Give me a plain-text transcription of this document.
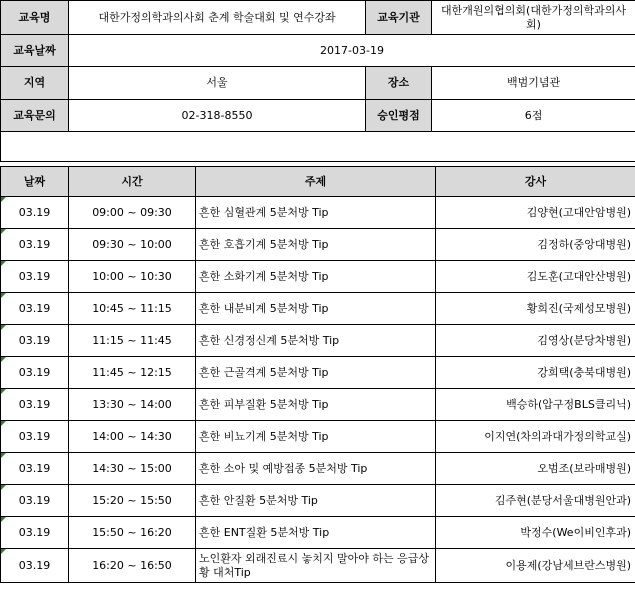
교육명	대한가정의학과의사회 춘계 학술대회 및 연수강좌	교육기관	대한개원의협의회(대한가정의학과의사회)
교육날짜	2017-03-19		
지역	서울	장소	백범기념관
교육문의	02-318-8550	승인평점	6점

날짜	시간	주제	강사

03.19	09:00 ~ 09:30	흔한 심혈관계 5분처방 Tip	김양현(고대안암병원)

03.19	09:30 ~ 10:00	흔한 호흡기계 5분처방 Tip	김정하(중앙대병원)

03.19	10:00 ~ 10:30	흔한 소화기계 5분처방 Tip	김도훈(고대안산병원)

03.19	10:45 ~ 11:15	흔한 내분비계 5분처방 Tip	황희진(국제성모병원)

03.19	11:15 ~ 11:45	흔한 신경정신계 5분처방 Tip	김영상(분당차병원)

03.19	11:45 ~ 12:15	흔한 근골격계 5분처방 Tip	강희택(충북대병원)

03.19	13:30 ~ 14:00	흔한 피부질환 5분처방 Tip	백승하(압구정BLS클리닉)

03.19	14:00 ~ 14:30	흔한 비뇨기계 5분처방 Tip	이지연(차의과대가정의학교실)

03.19	14:30 ~ 15:00	흔한 소아 및 예방접종 5분처방 Tip	오범조(보라매병원)

03.19	15:20 ~ 15:50	흔한 안질환 5분처방 Tip	김주현(분당서울대병원안과)

03.19	15:50 ~ 16:20	흔한 ENT질환 5분처방 Tip	박정수(We이비인후과)

03.19	16:20 ~ 16:50	노인환자 외래진료시 놓치지 말아야 하는 응급상황 대처Tip	이용제(강남세브란스병원)
